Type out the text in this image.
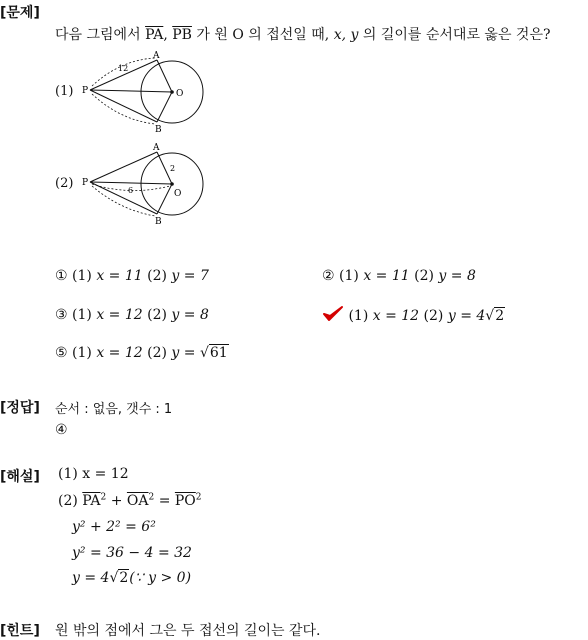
[문제]
다음 그림에서 $\overline{PA}$, $\overline{PB}$ 가 원 O 의 접선일 때, x, y 의 길이를 순서대로 옳은 것은?
(1)
A
B
P	O
12
(2)
A
B
P
O
2
6
① (1) x = 11 (2) y = 7	② (1) x = 11 (2) y = 8
③ (1) x = 12 (2) y = 8	(1) x = 12 (2) y = 4√2
⑤ (1) x = 12 (2) y = √61
[정답] 순서 : 없음, 갯수 : 1
④
[해설] (1) x = 12
(2) $\overline{PA}^2 + \overline{OA}^2 = \overline{PO}^2$
y² + 2² = 6²
y² = 36 − 4 = 32
y = 4√2(∵ y > 0)
[힌트] 원 밖의 점에서 그은 두 접선의 길이는 같다.
